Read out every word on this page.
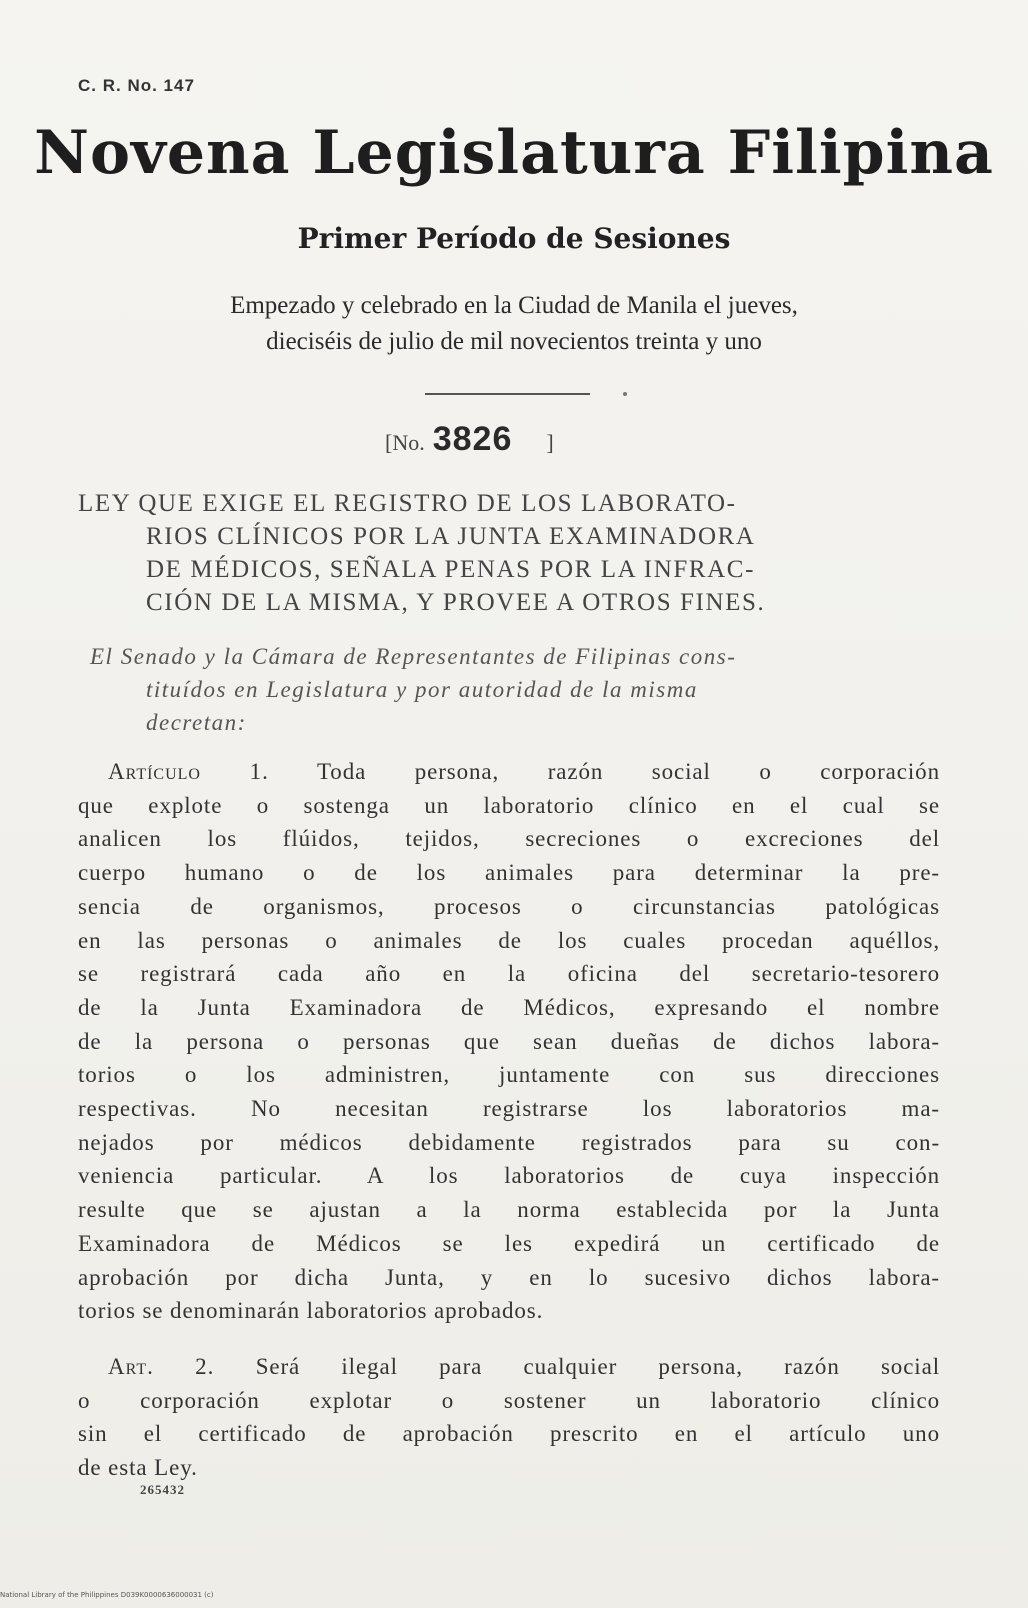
C. R. No. 147
Novena Legislatura Filipina
Primer Período de Sesiones
Empezado y celebrado en la Ciudad de Manila el jueves,
dieciséis de julio de mil novecientos treinta y uno
[No. 3826 ]
LEY QUE EXIGE EL REGISTRO DE LOS LABORATO-
RIOS CLÍNICOS POR LA JUNTA EXAMINADORA
DE MÉDICOS, SEÑALA PENAS POR LA INFRAC-
CIÓN DE LA MISMA, Y PROVEE A OTROS FINES.
El Senado y la Cámara de Representantes de Filipinas cons-
tituídos en Legislatura y por autoridad de la misma
decretan:
Artículo 1. Toda persona, razón social o corporación
que explote o sostenga un laboratorio clínico en el cual se
analicen los flúidos, tejidos, secreciones o excreciones del
cuerpo humano o de los animales para determinar la pre-
sencia de organismos, procesos o circunstancias patológicas
en las personas o animales de los cuales procedan aquéllos,
se registrará cada año en la oficina del secretario-tesorero
de la Junta Examinadora de Médicos, expresando el nombre
de la persona o personas que sean dueñas de dichos labora-
torios o los administren, juntamente con sus direcciones
respectivas. No necesitan registrarse los laboratorios ma-
nejados por médicos debidamente registrados para su con-
veniencia particular. A los laboratorios de cuya inspección
resulte que se ajustan a la norma establecida por la Junta
Examinadora de Médicos se les expedirá un certificado de
aprobación por dicha Junta, y en lo sucesivo dichos labora-
torios se denominarán laboratorios aprobados.
Art. 2. Será ilegal para cualquier persona, razón social
o corporación explotar o sostener un laboratorio clínico
sin el certificado de aprobación prescrito en el artículo uno
de esta Ley.
265432
National Library of the Philippines D039K0000636000031 (c)
